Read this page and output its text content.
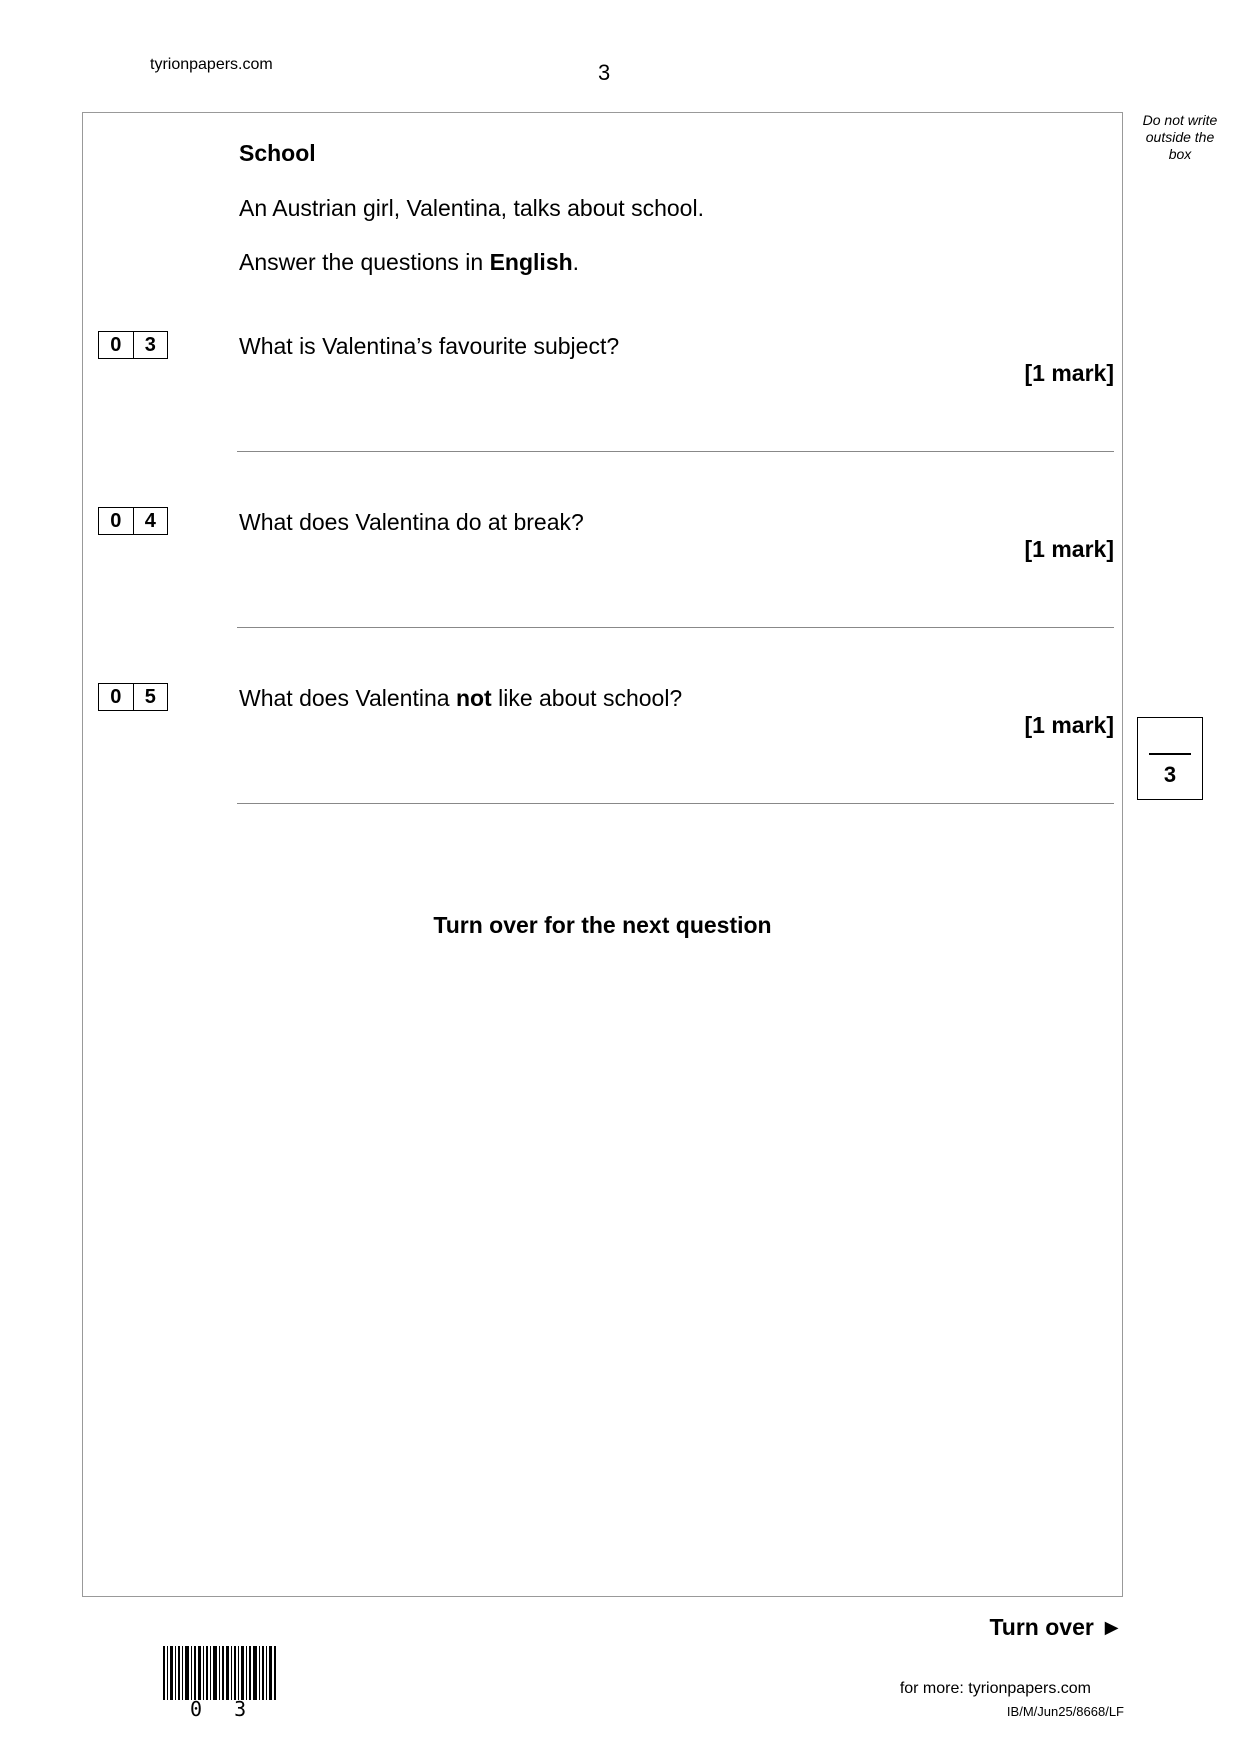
tyrionpapers.com	3
Do not write outside the box
School
An Austrian girl, Valentina, talks about school.
Answer the questions in English.
0	3	What is Valentina’s favourite subject?
[1 mark]
0	4	What does Valentina do at break?
[1 mark]
0	5	What does Valentina not like about school?
[1 mark]
3
Turn over for the next question
Turn over ►
0 3
for more: tyrionpapers.com
IB/M/Jun25/8668/LF
